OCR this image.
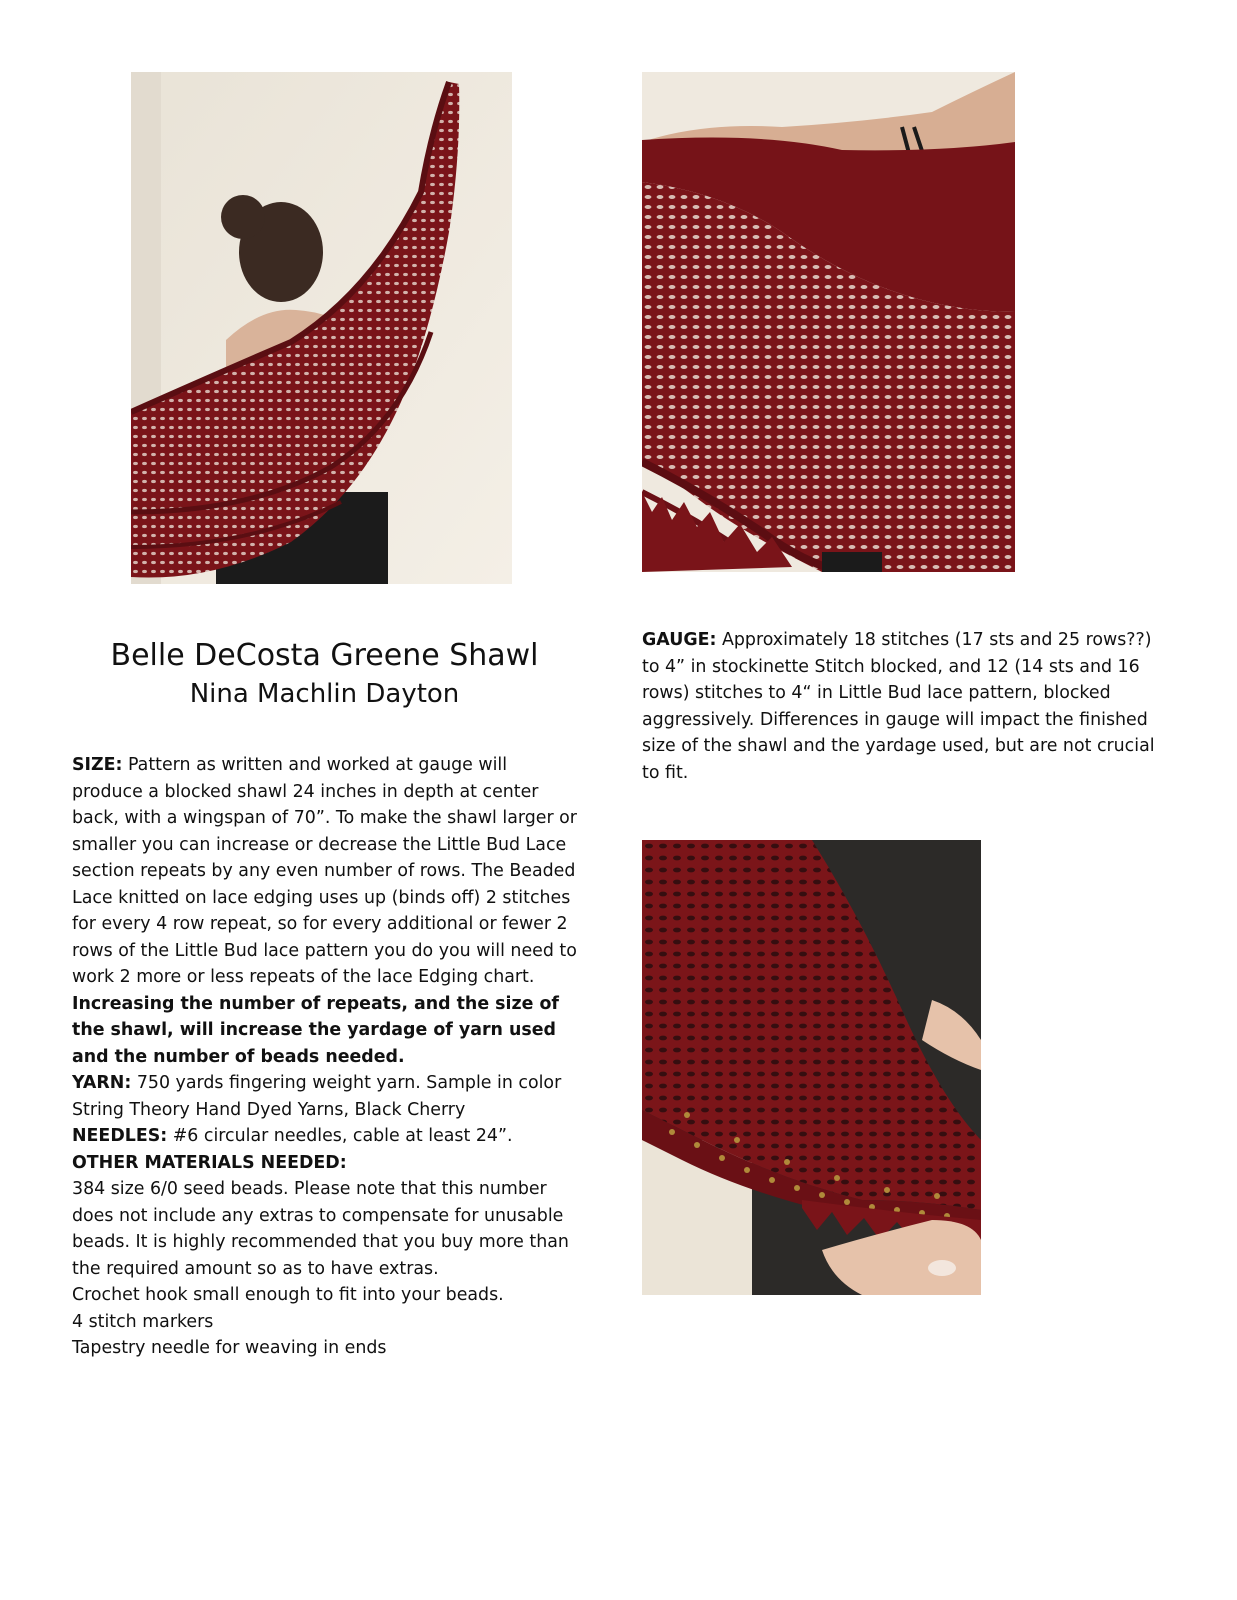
Belle DeCosta Greene Shawl
Nina Machlin Dayton

GAUGE: Approximately 18 stitches (17 sts and 25 rows??) to 4” in stockinette Stitch blocked, and 12 (14 sts and 16 rows) stitches to 4“ in Little Bud lace pattern, blocked aggressively. Differences in gauge will impact the finished size of the shawl and the yardage used, but are not crucial to fit.

SIZE: Pattern as written and worked at gauge will produce a blocked shawl 24 inches in depth at center back, with a wingspan of 70”. To make the shawl larger or smaller you can increase or decrease the Little Bud Lace section repeats by any even number of rows. The Beaded Lace knitted on lace edging uses up (binds off) 2 stitches for every 4 row repeat, so for every additional or fewer 2 rows of the Little Bud lace pattern you do you will need to work 2 more or less repeats of the lace Edging chart. Increasing the number of repeats, and the size of the shawl, will increase the yardage of yarn used and the number of beads needed.

YARN: 750 yards fingering weight yarn. Sample in color String Theory Hand Dyed Yarns, Black Cherry

NEEDLES: #6 circular needles, cable at least 24”.

OTHER MATERIALS NEEDED:

384 size 6/0 seed beads. Please note that this number does not include any extras to compensate for unusable beads. It is highly recommended that you buy more than the required amount so as to have extras.

Crochet hook small enough to fit into your beads.

4 stitch markers

Tapestry needle for weaving in ends
